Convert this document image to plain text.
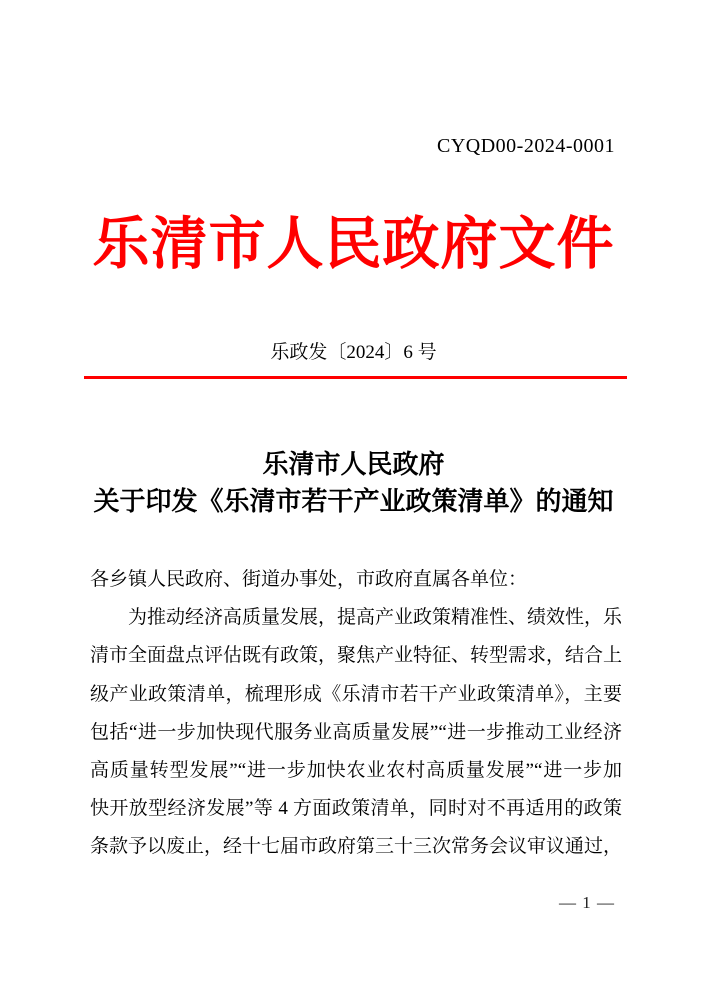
CYQD00-2024-0001
乐清市人民政府文件
乐政发〔2024〕6 号
乐清市人民政府
关于印发《乐清市若干产业政策清单》的通知
各乡镇人民政府、街道办事处，市政府直属各单位：
为推动经济高质量发展，提高产业政策精准性、绩效性，乐
清市全面盘点评估既有政策，聚焦产业特征、转型需求，结合上
级产业政策清单，梳理形成《乐清市若干产业政策清单》，主要
包括“进一步加快现代服务业高质量发展”“进一步推动工业经济
高质量转型发展”“进一步加快农业农村高质量发展”“进一步加
快开放型经济发展”等 4 方面政策清单，同时对不再适用的政策
条款予以废止，经十七届市政府第三十三次常务会议审议通过，
— 1 —
